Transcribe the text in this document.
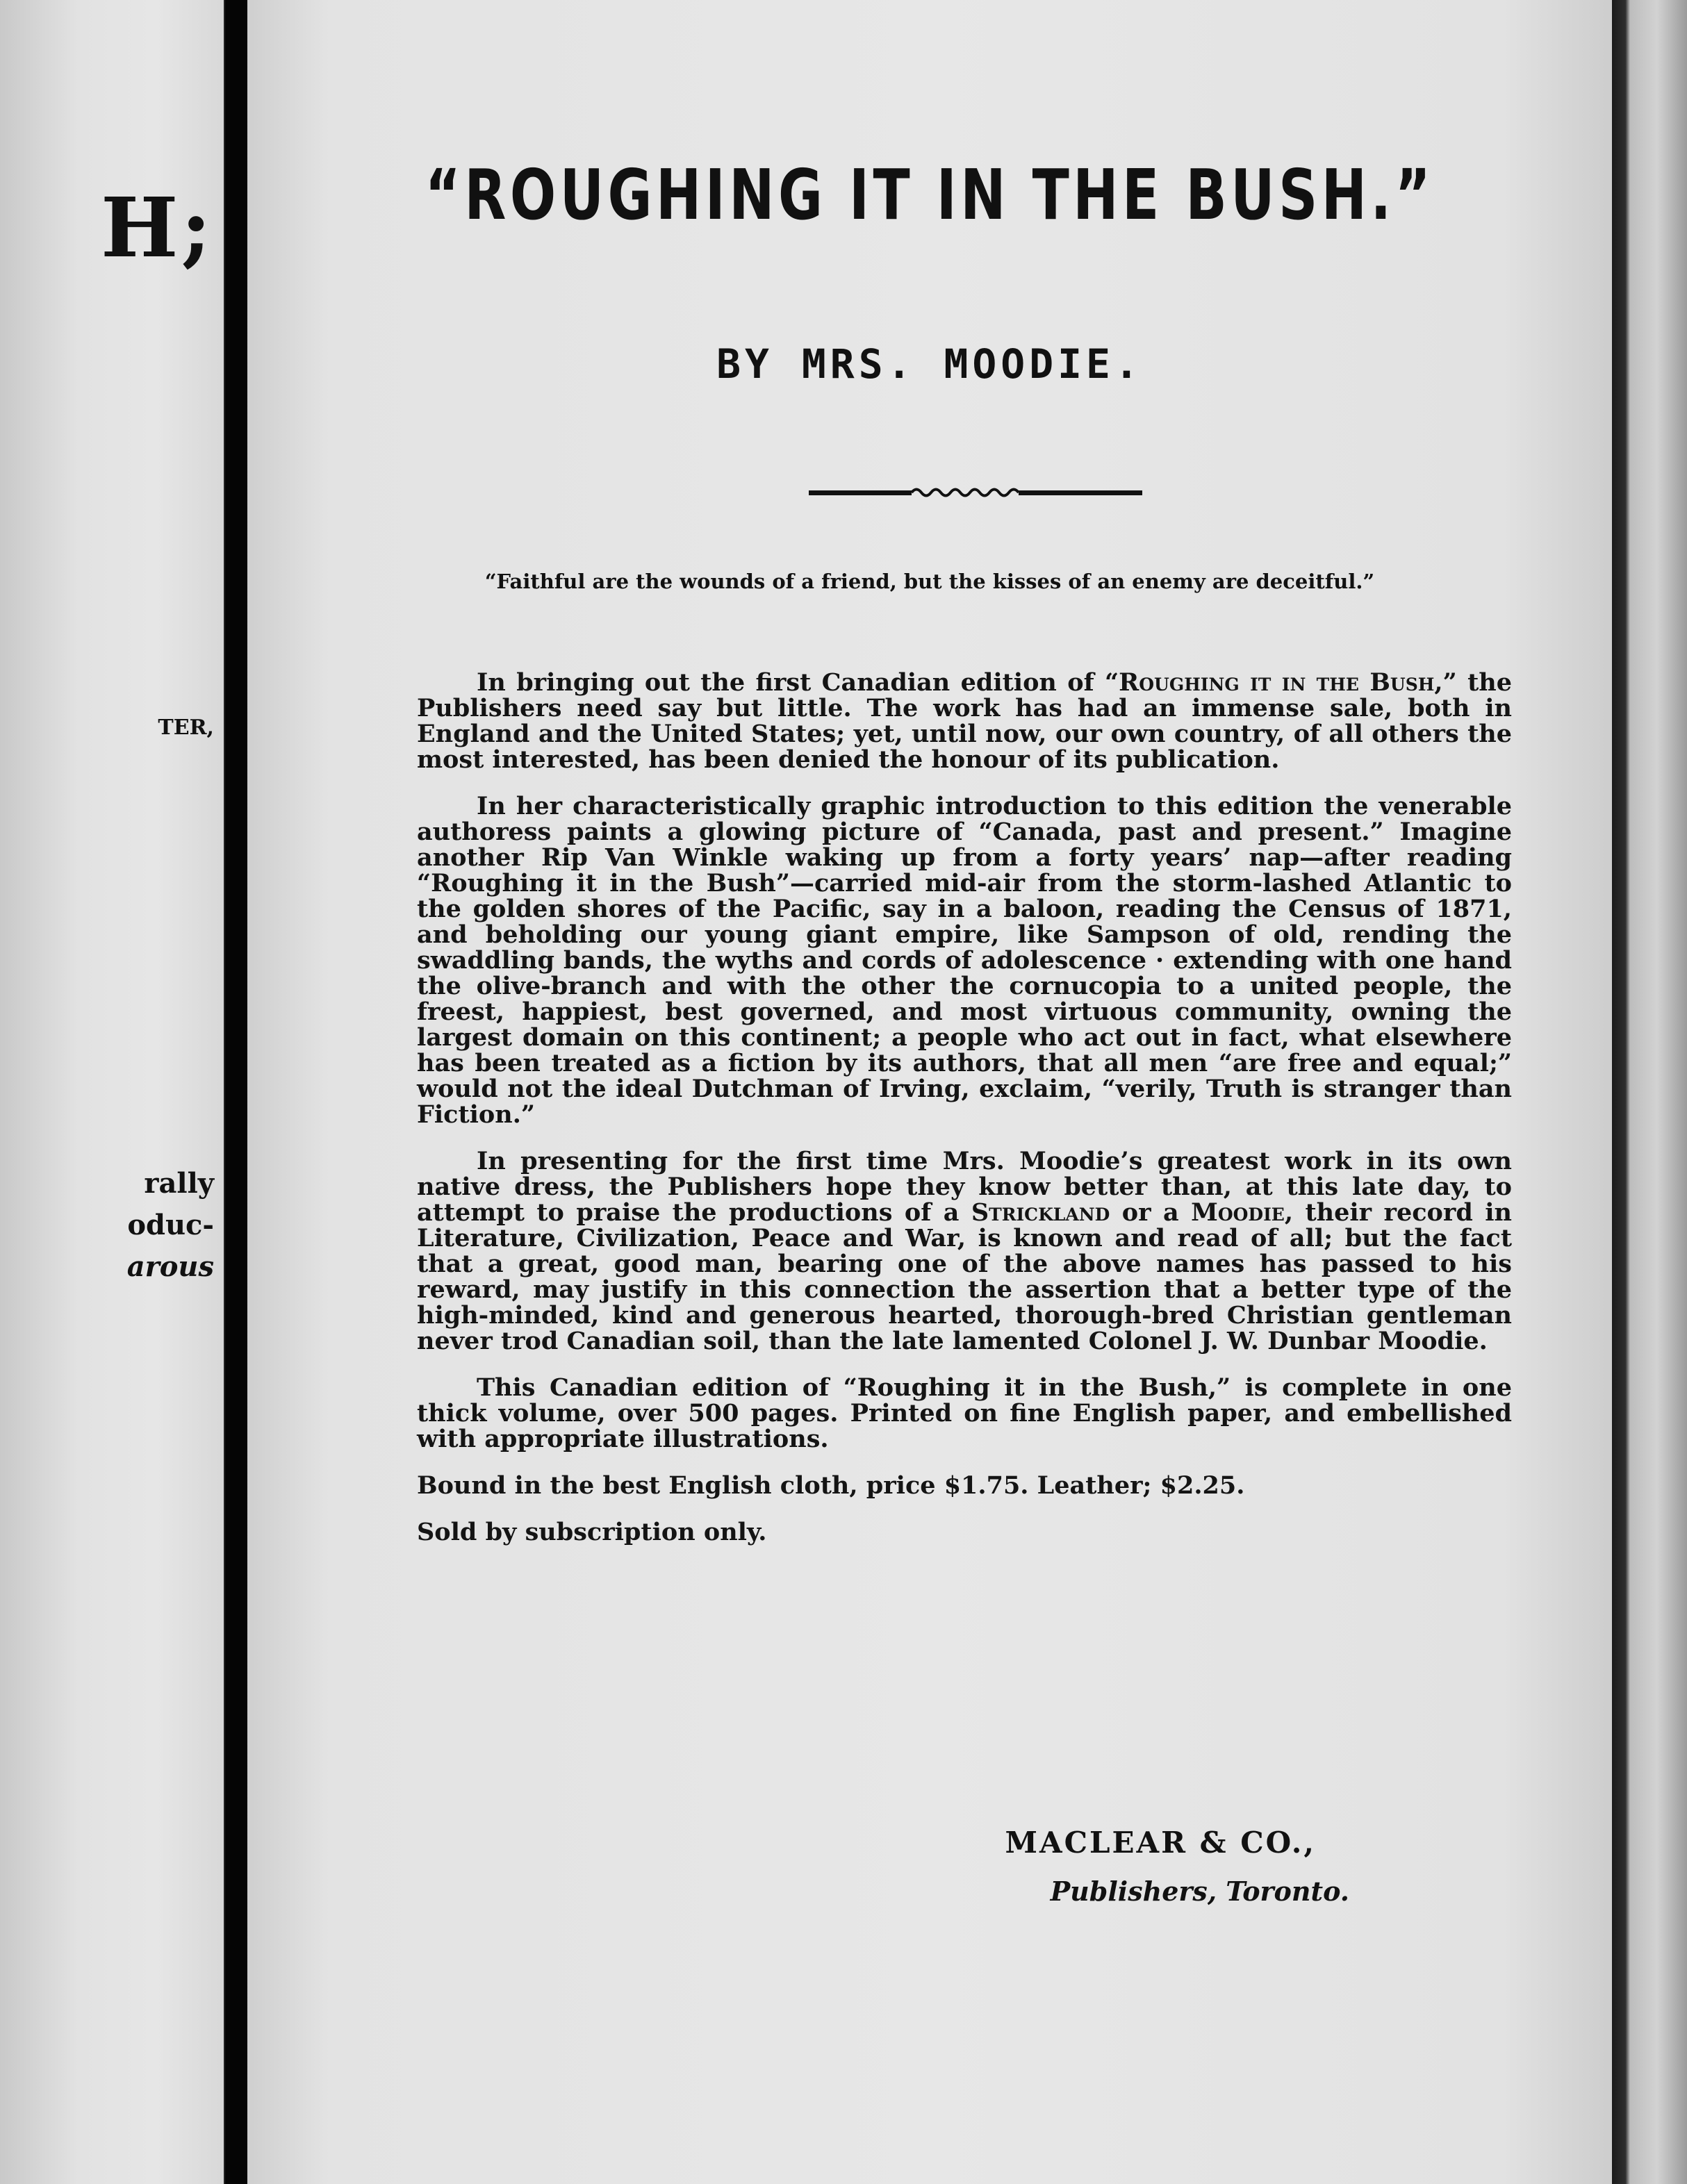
H;
TER,
rally
oduc-
arous
“ROUGHING IT IN THE BUSH.”
BY MRS. MOODIE.
“Faithful are the wounds of a friend, but the kisses of an enemy are deceitful.”

In bringing out the first Canadian edition of “Roughing it in the Bush,” the Publishers need say but little. The work has had an immense sale, both in England and the United States; yet, until now, our own country, of all others the most interested, has been denied the honour of its publication.

In her characteristically graphic introduction to this edition the venerable authoress paints a glowing picture of “Canada, past and present.” Imagine another Rip Van Winkle waking up from a forty years’ nap—after reading “Roughing it in the Bush”—carried mid-air from the storm-lashed Atlantic to the golden shores of the Pacific, say in a baloon, reading the Census of 1871, and beholding our young giant empire, like Sampson of old, rending the swaddling bands, the wyths and cords of adolescence · extending with one hand the olive-branch and with the other the cornucopia to a united people, the freest, happiest, best governed, and most virtuous community, owning the largest domain on this continent; a people who act out in fact, what elsewhere has been treated as a fiction by its authors, that all men “are free and equal;” would not the ideal Dutchman of Irving, exclaim, “verily, Truth is stranger than Fiction.”

In presenting for the first time Mrs. Moodie’s greatest work in its own native dress, the Publishers hope they know better than, at this late day, to attempt to praise the productions of a Strickland or a Moodie, their record in Literature, Civilization, Peace and War, is known and read of all; but the fact that a great, good man, bearing one of the above names has passed to his reward, may justify in this connection the assertion that a better type of the high-minded, kind and generous hearted, thorough-bred Christian gentleman never trod Canadian soil, than the late lamented Colonel J. W. Dunbar Moodie.

This Canadian edition of “Roughing it in the Bush,” is complete in one thick volume, over 500 pages. Printed on fine English paper, and embellished with appropriate illustrations.

Bound in the best English cloth, price $1.75. Leather; $2.25.

Sold by subscription only.

MACLEAR & CO.,
Publishers, Toronto.
